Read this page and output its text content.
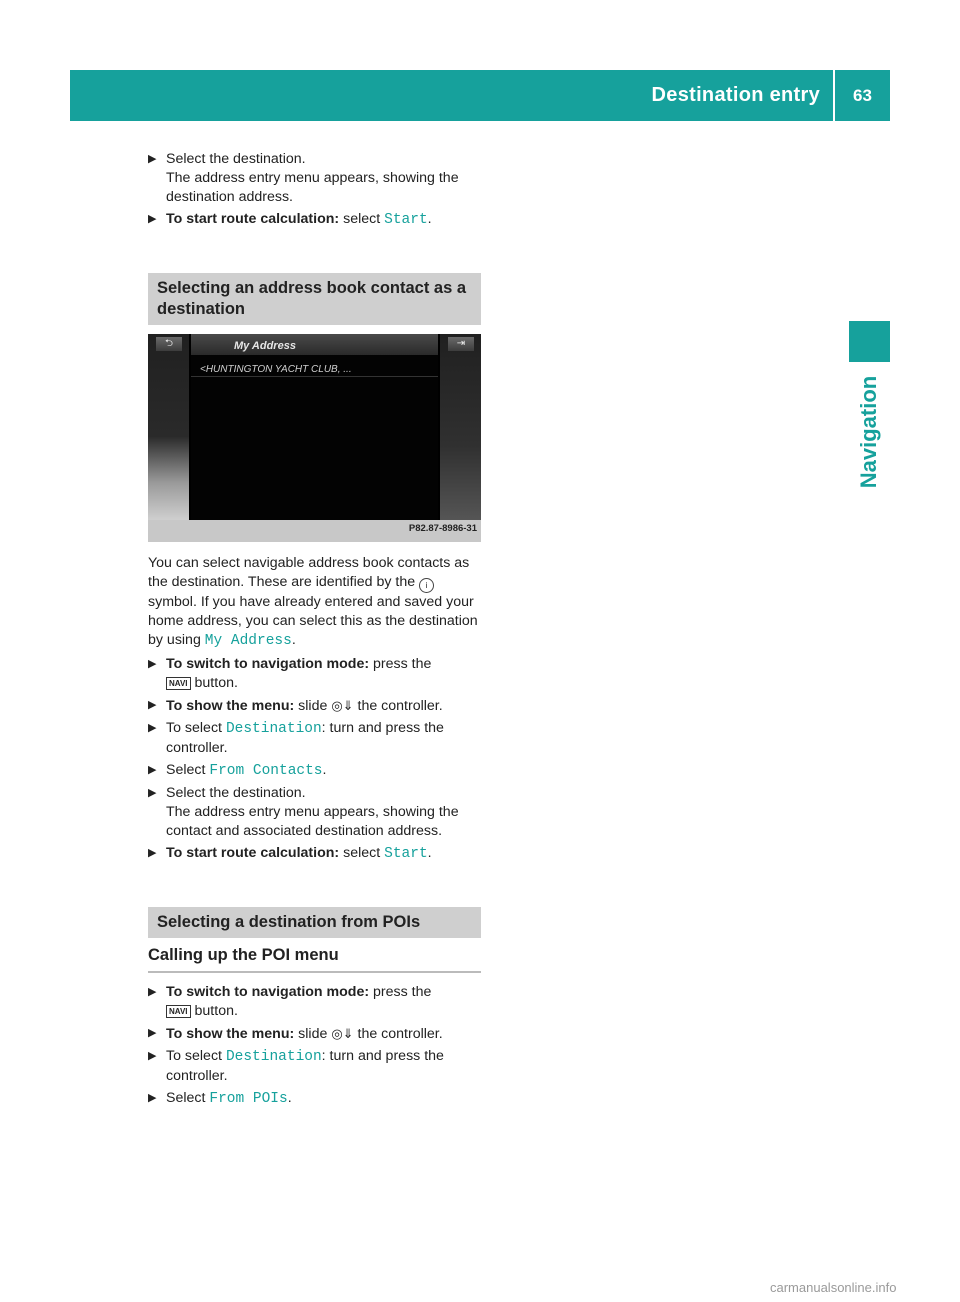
Destination entry	63
Navigation
▶ Select the destination.
The address entry menu appears, showing the destination address.
▶ To start route calculation: select Start.
Selecting an address book contact as a destination
⮌	⇥
My Address
<HUNTINGTON YACHT CLUB, ...
P82.87-8986-31
You can select navigable address book contacts as the destination. These are identified by the i symbol. If you have already entered and saved your home address, you can select this as the destination by using My Address.
▶ To switch to navigation mode: press the
NAVI button.
▶ To show the menu: slide ◎⇓ the controller.
▶ To select Destination: turn and press the controller.
▶ Select From Contacts.
▶ Select the destination.
The address entry menu appears, showing the contact and associated destination address.
▶ To start route calculation: select Start.
Selecting a destination from POIs
Calling up the POI menu
▶ To switch to navigation mode: press the
NAVI button.
▶ To show the menu: slide ◎⇓ the controller.
▶ To select Destination: turn and press the controller.
▶ Select From POIs.
carmanualsonline.info
